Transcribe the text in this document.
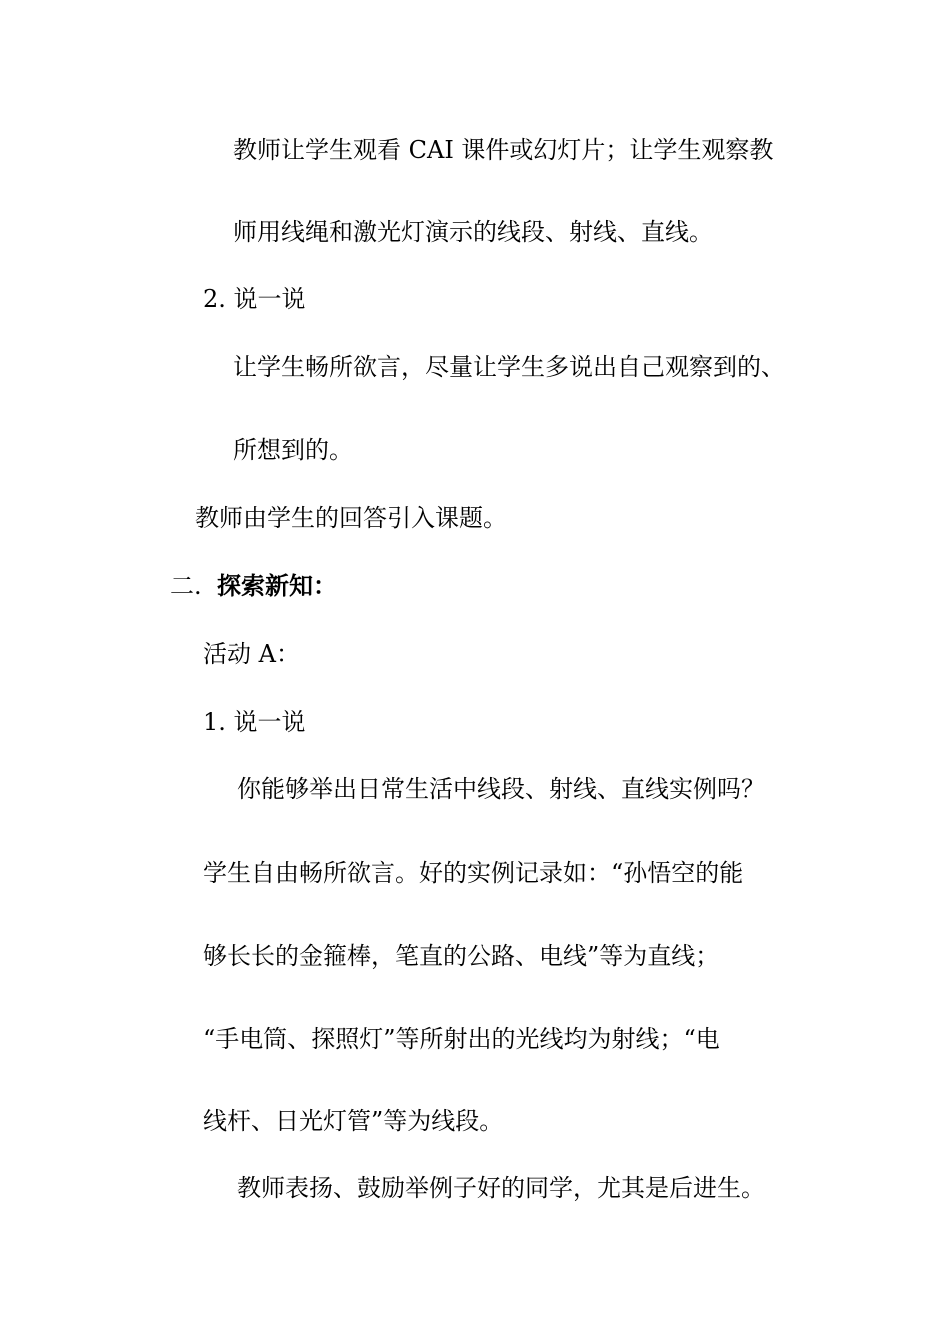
教师让学生观看 CAI 课件或幻灯片；让学生观察教
师用线绳和激光灯演示的线段、射线、直线。
2. 说一说
让学生畅所欲言，尽量让学生多说出自己观察到的、
所想到的。
教师由学生的回答引入课题。
二. 探索新知：
活动 A：
1. 说一说
你能够举出日常生活中线段、射线、直线实例吗？
学生自由畅所欲言。好的实例记录如：“孙悟空的能
够长长的金箍棒，笔直的公路、电线”等为直线；
“手电筒、探照灯”等所射出的光线均为射线；“电
线杆、日光灯管”等为线段。
教师表扬、鼓励举例子好的同学，尤其是后进生。
